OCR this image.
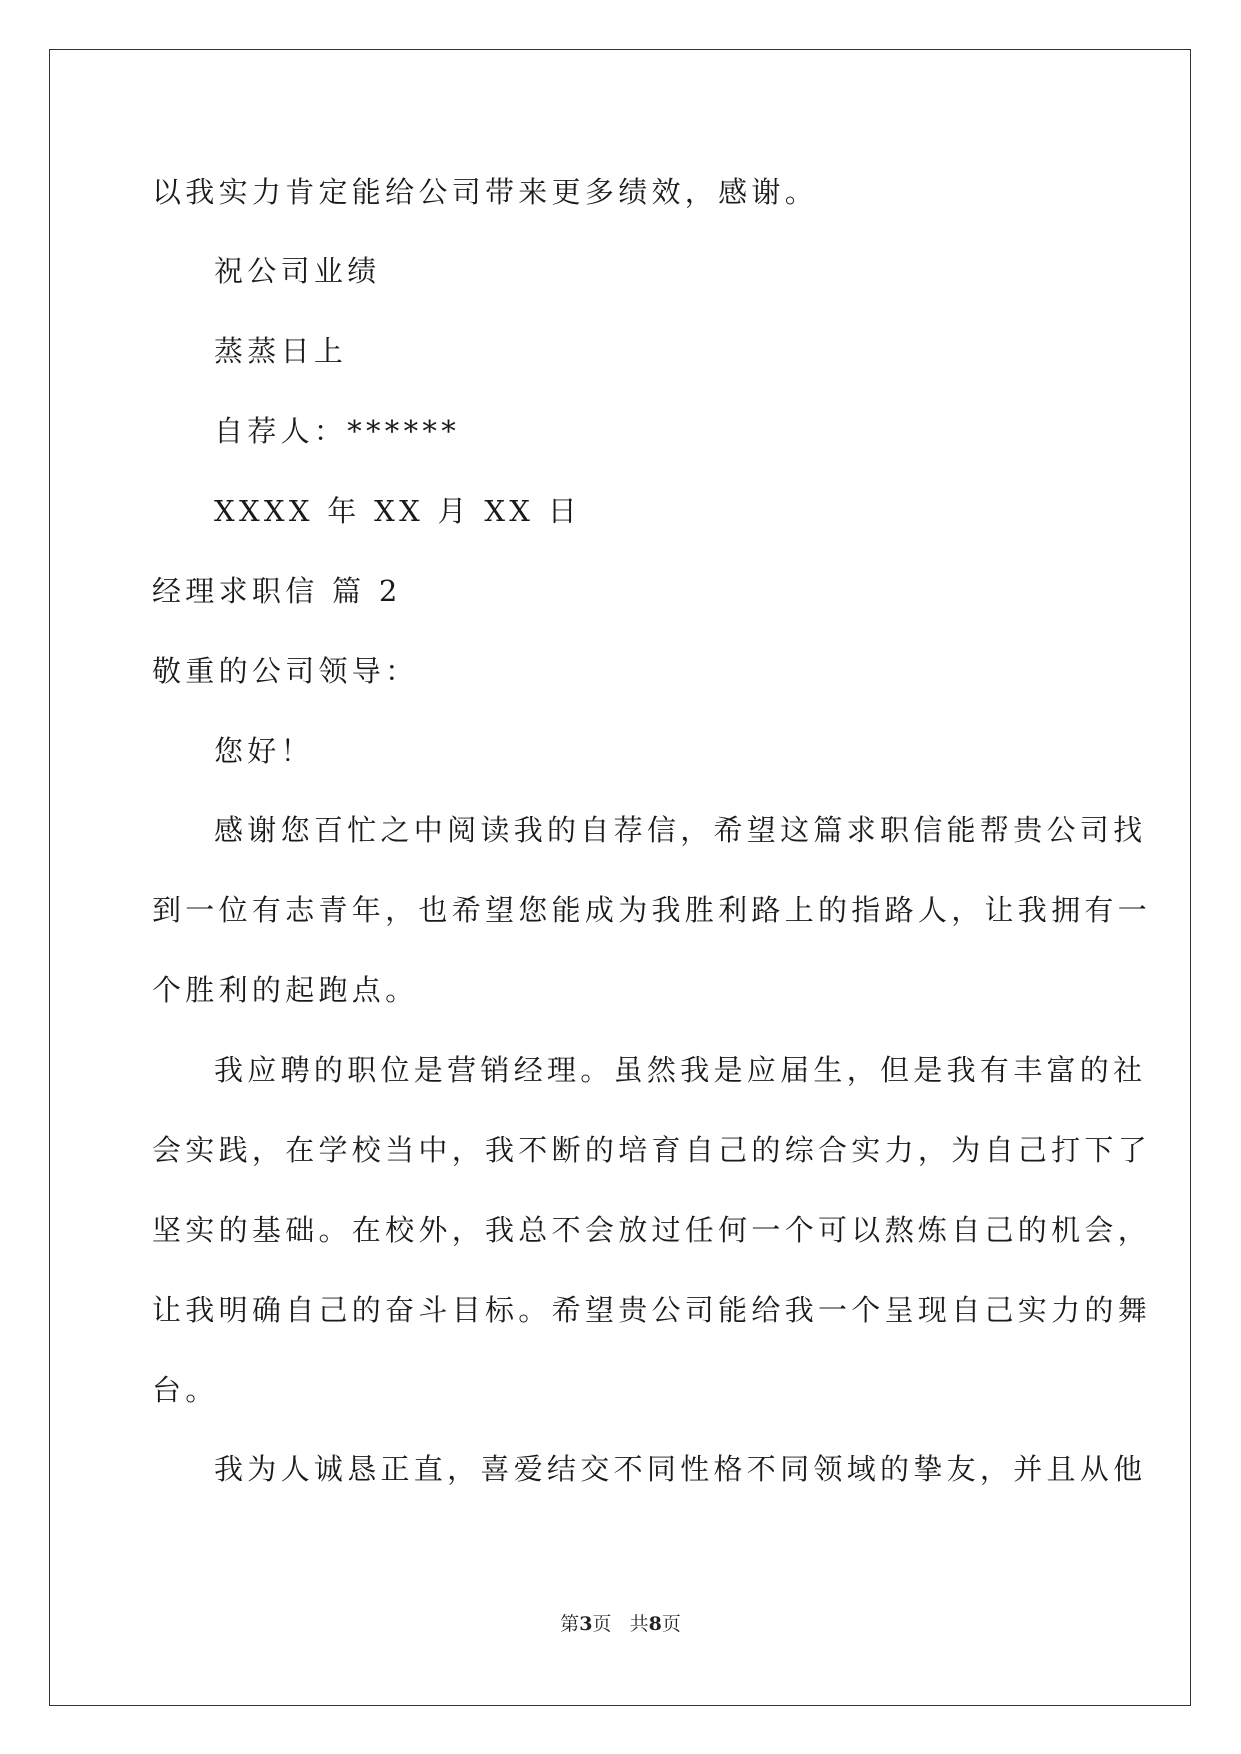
以我实力肯定能给公司带来更多绩效，感谢。
祝公司业绩
蒸蒸日上
自荐人：******
XXXX 年 XX 月 XX 日
经理求职信 篇 2
敬重的公司领导：
您好！
感谢您百忙之中阅读我的自荐信，希望这篇求职信能帮贵公司找
到一位有志青年，也希望您能成为我胜利路上的指路人，让我拥有一
个胜利的起跑点。
我应聘的职位是营销经理。虽然我是应届生，但是我有丰富的社
会实践，在学校当中，我不断的培育自己的综合实力，为自己打下了
坚实的基础。在校外，我总不会放过任何一个可以熬炼自己的机会，
让我明确自己的奋斗目标。希望贵公司能给我一个呈现自己实力的舞
台。
我为人诚恳正直，喜爱结交不同性格不同领域的挚友，并且从他
第3页 共8页
